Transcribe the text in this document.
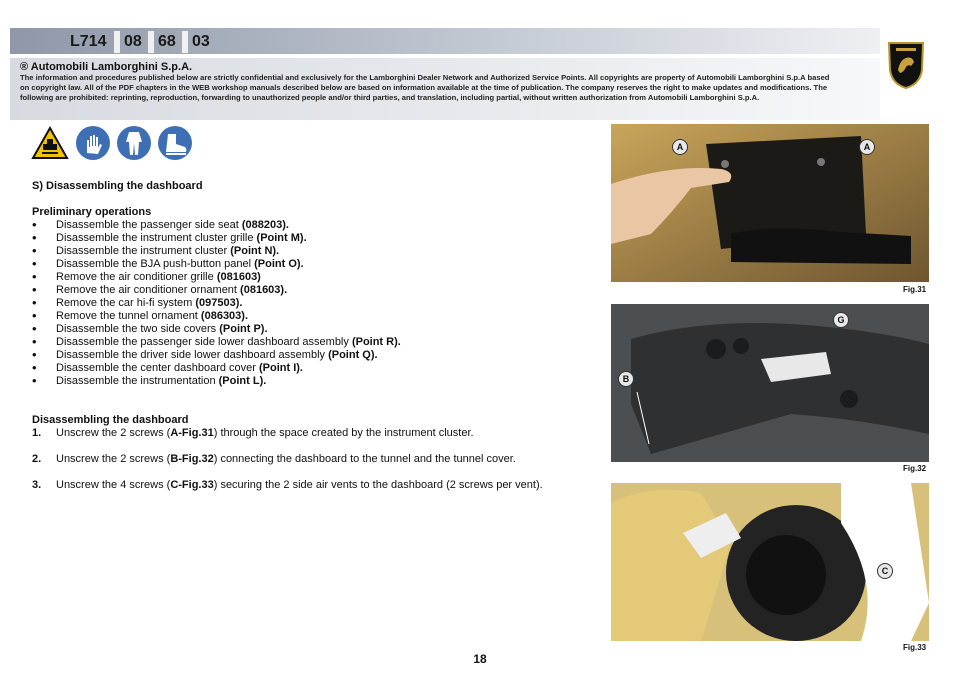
L714 08 68 03
® Automobili Lamborghini S.p.A.
The information and procedures published below are strictly confidential and exclusively for the Lamborghini Dealer Network and Authorized Service Points. All copyrights are property of Automobili Lamborghini S.p.A based on copyright law. All of the PDF chapters in the WEB workshop manuals described below are based on information available at the time of publication. The company reserves the right to make updates and modifications. The following are prohibited: reprinting, reproduction, forwarding to unauthorized people and/or third parties, and translation, including partial, without written authorization from Automobili Lamborghini S.p.A.

S) Disassembling the dashboard

Preliminary operations

• Disassemble the passenger side seat (088203).

• Disassemble the instrument cluster grille (Point M).

• Disassemble the instrument cluster (Point N).

• Disassemble the BJA push-button panel (Point O).

• Remove the air conditioner grille (081603)

• Remove the air conditioner ornament (081603).

• Remove the car hi-fi system (097503).

• Remove the tunnel ornament (086303).

• Disassemble the two side covers (Point P).

• Disassemble the passenger side lower dashboard assembly (Point R).

• Disassemble the driver side lower dashboard assembly (Point Q).

• Disassemble the center dashboard cover (Point I).

• Disassemble the instrumentation (Point L).

Disassembling the dashboard

1. Unscrew the 2 screws (A-Fig.31) through the space created by the instrument cluster.

2. Unscrew the 2 screws (B-Fig.32) connecting the dashboard to the tunnel and the tunnel cover.

3. Unscrew the 4 screws (C-Fig.33) securing the 2 side air vents to the dashboard (2 screws per vent).

A	A
Fig.31
G
B
Fig.32
C
Fig.33
18
